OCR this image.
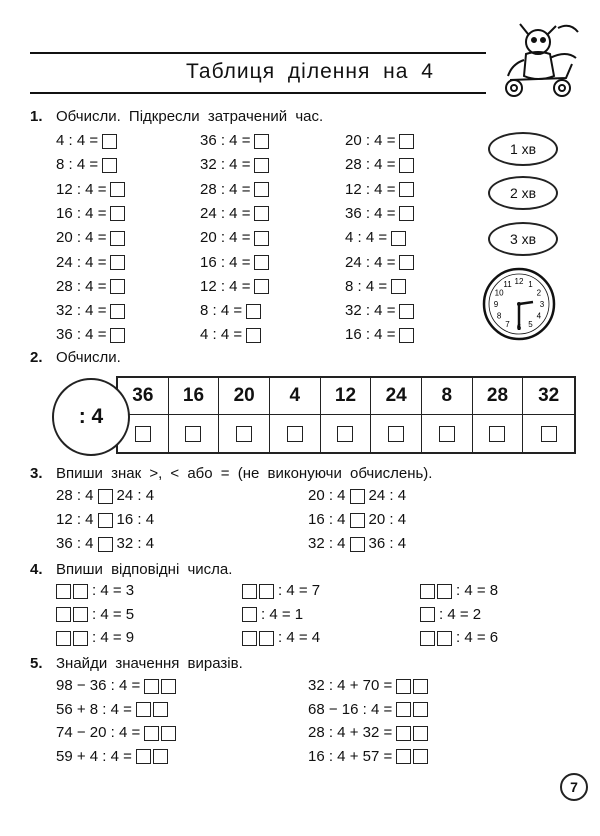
Таблиця ділення на 4
1. Обчисли. Підкресли затрачений час.
4 : 4 =
8 : 4 =
12 : 4 =
16 : 4 =
20 : 4 =
24 : 4 =
28 : 4 =
32 : 4 =
36 : 4 =
36 : 4 =
32 : 4 =
28 : 4 =
24 : 4 =
20 : 4 =
16 : 4 =
12 : 4 =
8 : 4 =
4 : 4 =
20 : 4 =
28 : 4 =
12 : 4 =
36 : 4 =
4 : 4 =
24 : 4 =
8 : 4 =
32 : 4 =
16 : 4 =
1 хв
2 хв
3 хв
12 1
2
3
4
5
6
7
8
9
10
11
2. Обчисли.
36	16	20	4	12	24	8	28	32
: 4
3. Впиши знак >, < або = (не виконуючи обчислень).
28 : 4 24 : 4
12 : 4 16 : 4
36 : 4 32 : 4
20 : 4 24 : 4
16 : 4 20 : 4
32 : 4 36 : 4
4. Впиши відповідні числа.
: 4 = 3
: 4 = 5
: 4 = 9
: 4 = 7
: 4 = 1
: 4 = 4
: 4 = 8
: 4 = 2
: 4 = 6
5. Знайди значення виразів.
98 − 36 : 4 =
56 + 8 : 4 =
74 − 20 : 4 =
59 + 4 : 4 =
32 : 4 + 70 =
68 − 16 : 4 =
28 : 4 + 32 =
16 : 4 + 57 =
7
